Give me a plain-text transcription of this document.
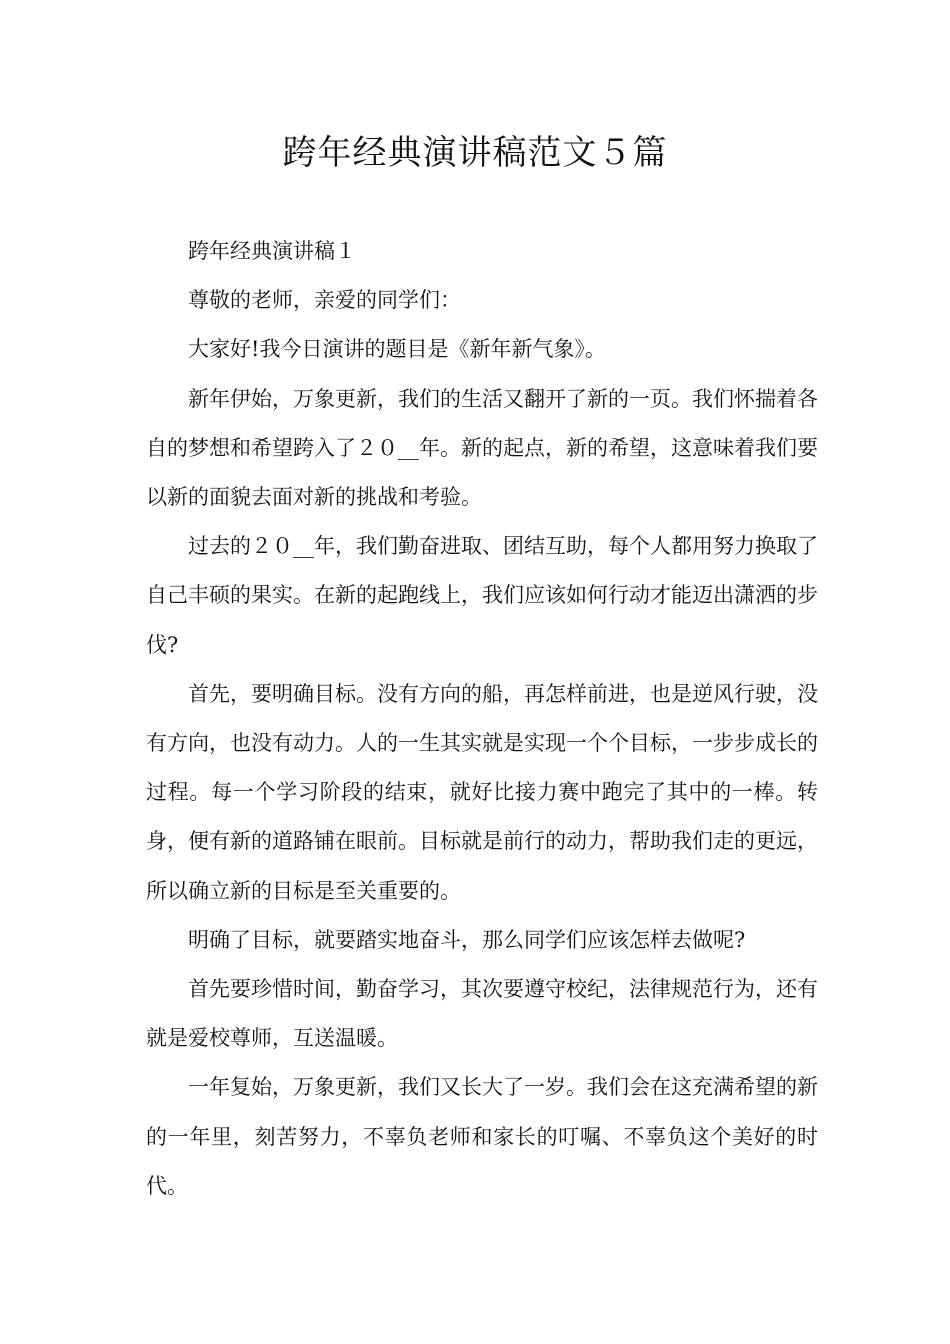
跨年经典演讲稿范文５篇

跨年经典演讲稿１

尊敬的老师，亲爱的同学们：

大家好!我今日演讲的题目是《新年新气象》。

新年伊始，万象更新，我们的生活又翻开了新的一页。我们怀揣着各自的梦想和希望跨入了２０__年。新的起点，新的希望，这意味着我们要以新的面貌去面对新的挑战和考验。

过去的２０__年，我们勤奋进取、团结互助，每个人都用努力换取了自己丰硕的果实。在新的起跑线上，我们应该如何行动才能迈出潇洒的步伐?

首先，要明确目标。没有方向的船，再怎样前进，也是逆风行驶，没有方向，也没有动力。人的一生其实就是实现一个个目标，一步步成长的过程。每一个学习阶段的结束，就好比接力赛中跑完了其中的一棒。转身，便有新的道路铺在眼前。目标就是前行的动力，帮助我们走的更远，所以确立新的目标是至关重要的。

明确了目标，就要踏实地奋斗，那么同学们应该怎样去做呢?

首先要珍惜时间，勤奋学习，其次要遵守校纪，法律规范行为，还有就是爱校尊师，互送温暖。

一年复始，万象更新，我们又长大了一岁。我们会在这充满希望的新的一年里，刻苦努力，不辜负老师和家长的叮嘱、不辜负这个美好的时代。
